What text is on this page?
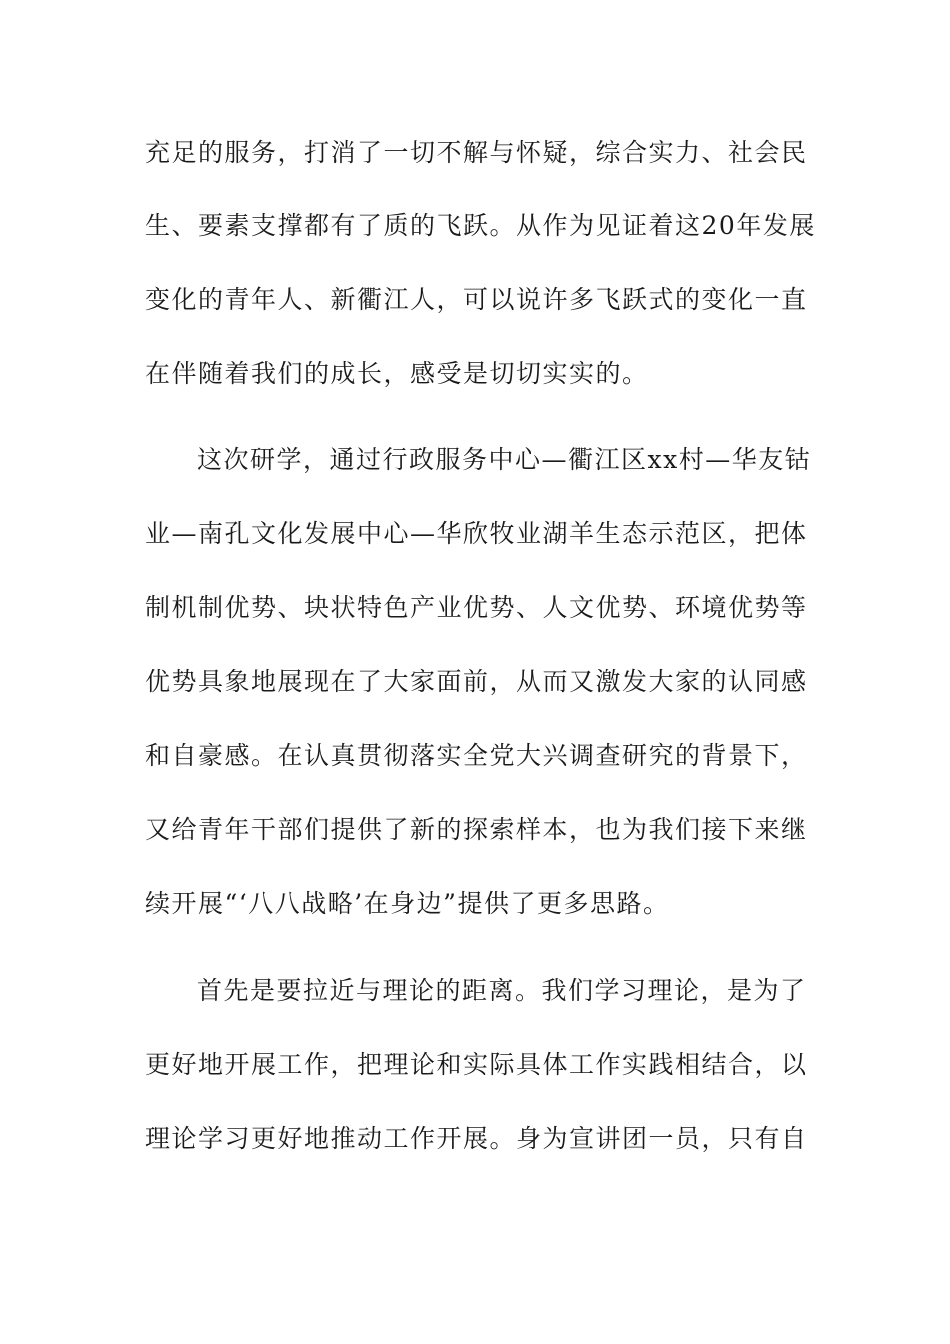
充足的服务，打消了一切不解与怀疑，综合实力、社会民
生、要素支撑都有了质的飞跃。从作为见证着这20年发展
变化的青年人、新衢江人，可以说许多飞跃式的变化一直
在伴随着我们的成长，感受是切切实实的。
这次研学，通过行政服务中心—衢江区xx村—华友钴
业—南孔文化发展中心—华欣牧业湖羊生态示范区，把体
制机制优势、块状特色产业优势、人文优势、环境优势等
优势具象地展现在了大家面前，从而又激发大家的认同感
和自豪感。在认真贯彻落实全党大兴调查研究的背景下，
又给青年干部们提供了新的探索样本，也为我们接下来继
续开展“‘八八战略’在身边”提供了更多思路。
首先是要拉近与理论的距离。我们学习理论，是为了
更好地开展工作，把理论和实际具体工作实践相结合，以
理论学习更好地推动工作开展。身为宣讲团一员，只有自
